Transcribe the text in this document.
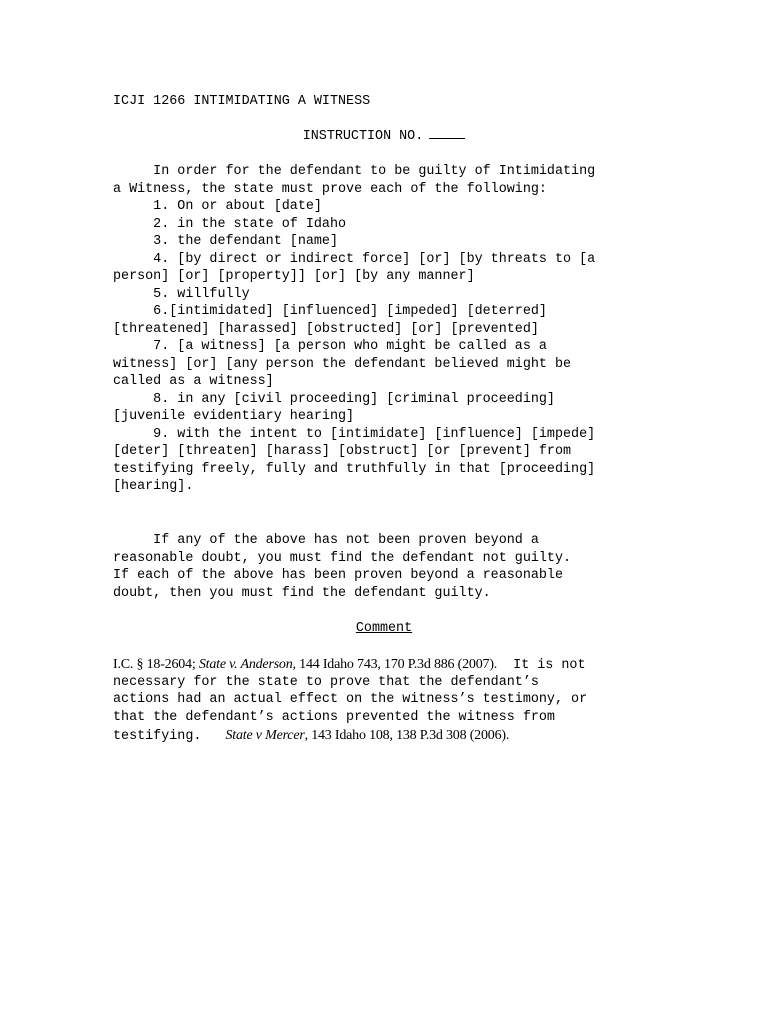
ICJI 1266 INTIMIDATING A WITNESS
INSTRUCTION NO.
In order for the defendant to be guilty of Intimidating
a Witness, the state must prove each of the following:
1. On or about [date]
2. in the state of Idaho
3. the defendant [name]
4. [by direct or indirect force] [or] [by threats to [a
person] [or] [property]] [or] [by any manner]
5. willfully
6.[intimidated] [influenced] [impeded] [deterred]
[threatened] [harassed] [obstructed] [or] [prevented]
7. [a witness] [a person who might be called as a
witness] [or] [any person the defendant believed might be
called as a witness]
8. in any [civil proceeding] [criminal proceeding]
[juvenile evidentiary hearing]
9. with the intent to [intimidate] [influence] [impede]
[deter] [threaten] [harass] [obstruct] [or [prevent] from
testifying freely, fully and truthfully in that [proceeding]
[hearing].
If any of the above has not been proven beyond a
reasonable doubt, you must find the defendant not guilty.
If each of the above has been proven beyond a reasonable
doubt, then you must find the defendant guilty.
Comment
I.C. § 18-2604; State v. Anderson, 144 Idaho 743, 170 P.3d 886 (2007).  It is not
necessary for the state to prove that the defendant’s
actions had an actual effect on the witness’s testimony, or
that the defendant’s actions prevented the witness from
testifying.   State v Mercer, 143 Idaho 108, 138 P.3d 308 (2006).
